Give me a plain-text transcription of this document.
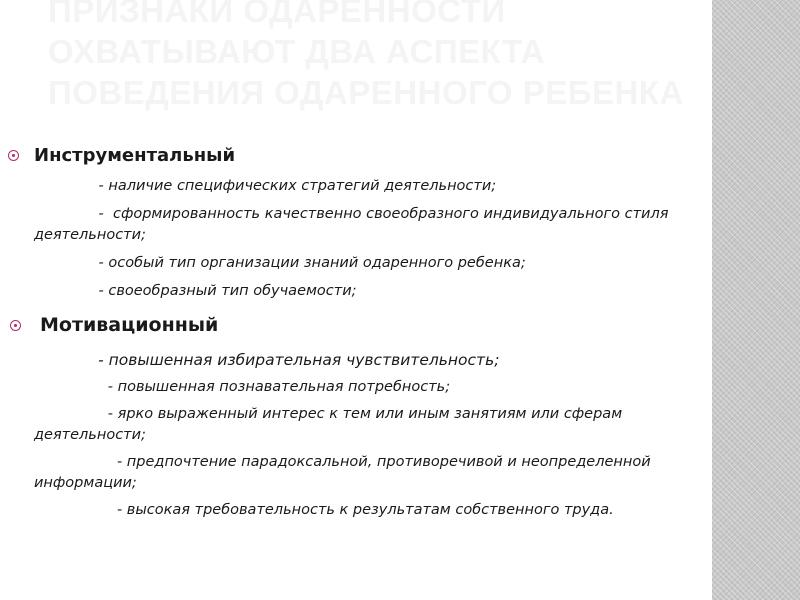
ПРИЗНАКИ ОДАРЕННОСТИ
ОХВАТЫВАЮТ ДВА АСПЕКТА
ПОВЕДЕНИЯ ОДАРЕННОГО РЕБЕНКА

Инструментальный

- наличие специфических стратегий деятельности;

-  сформированность качественно своеобразного индивидуального стиля деятельности;

- особый тип организации знаний одаренного ребенка;

- своеобразный тип обучаемости;

Мотивационный

- повышенная избирательная чувствительность;

- повышенная познавательная потребность;

- ярко выраженный интерес к тем или иным занятиям или сферам деятельности;

- предпочтение парадоксальной, противоречивой и неопределенной информации;

- высокая требовательность к результатам собственного труда.
